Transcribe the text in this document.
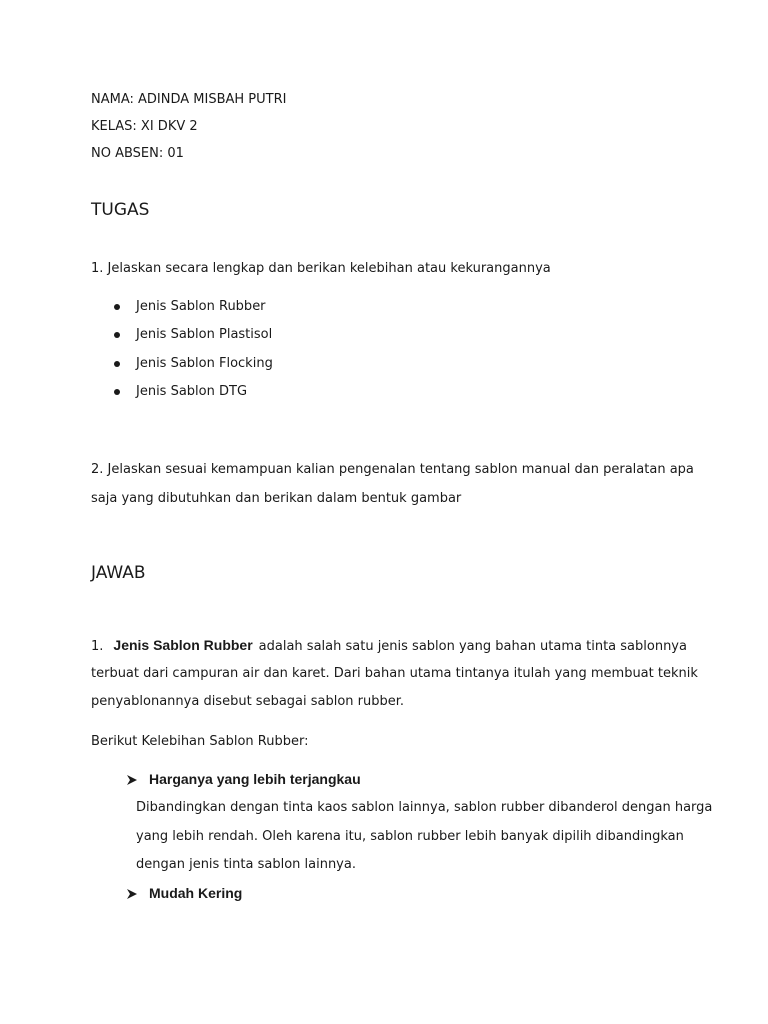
NAMA: ADINDA MISBAH PUTRI
KELAS: XI DKV 2
NO ABSEN: 01
TUGAS
1. Jelaskan secara lengkap dan berikan kelebihan atau kekurangannya
Jenis Sablon Rubber
Jenis Sablon Plastisol
Jenis Sablon Flocking
Jenis Sablon DTG
2. Jelaskan sesuai kemampuan kalian pengenalan tentang sablon manual dan peralatan apa
saja yang dibutuhkan dan berikan dalam bentuk gambar
JAWAB
1. Jenis Sablon Rubber adalah salah satu jenis sablon yang bahan utama tinta sablonnya
terbuat dari campuran air dan karet. Dari bahan utama tintanya itulah yang membuat teknik
penyablonannya disebut sebagai sablon rubber.
Berikut Kelebihan Sablon Rubber:
Harganya yang lebih terjangkau
Dibandingkan dengan tinta kaos sablon lainnya, sablon rubber dibanderol dengan harga
yang lebih rendah. Oleh karena itu, sablon rubber lebih banyak dipilih dibandingkan
dengan jenis tinta sablon lainnya.
Mudah Kering
